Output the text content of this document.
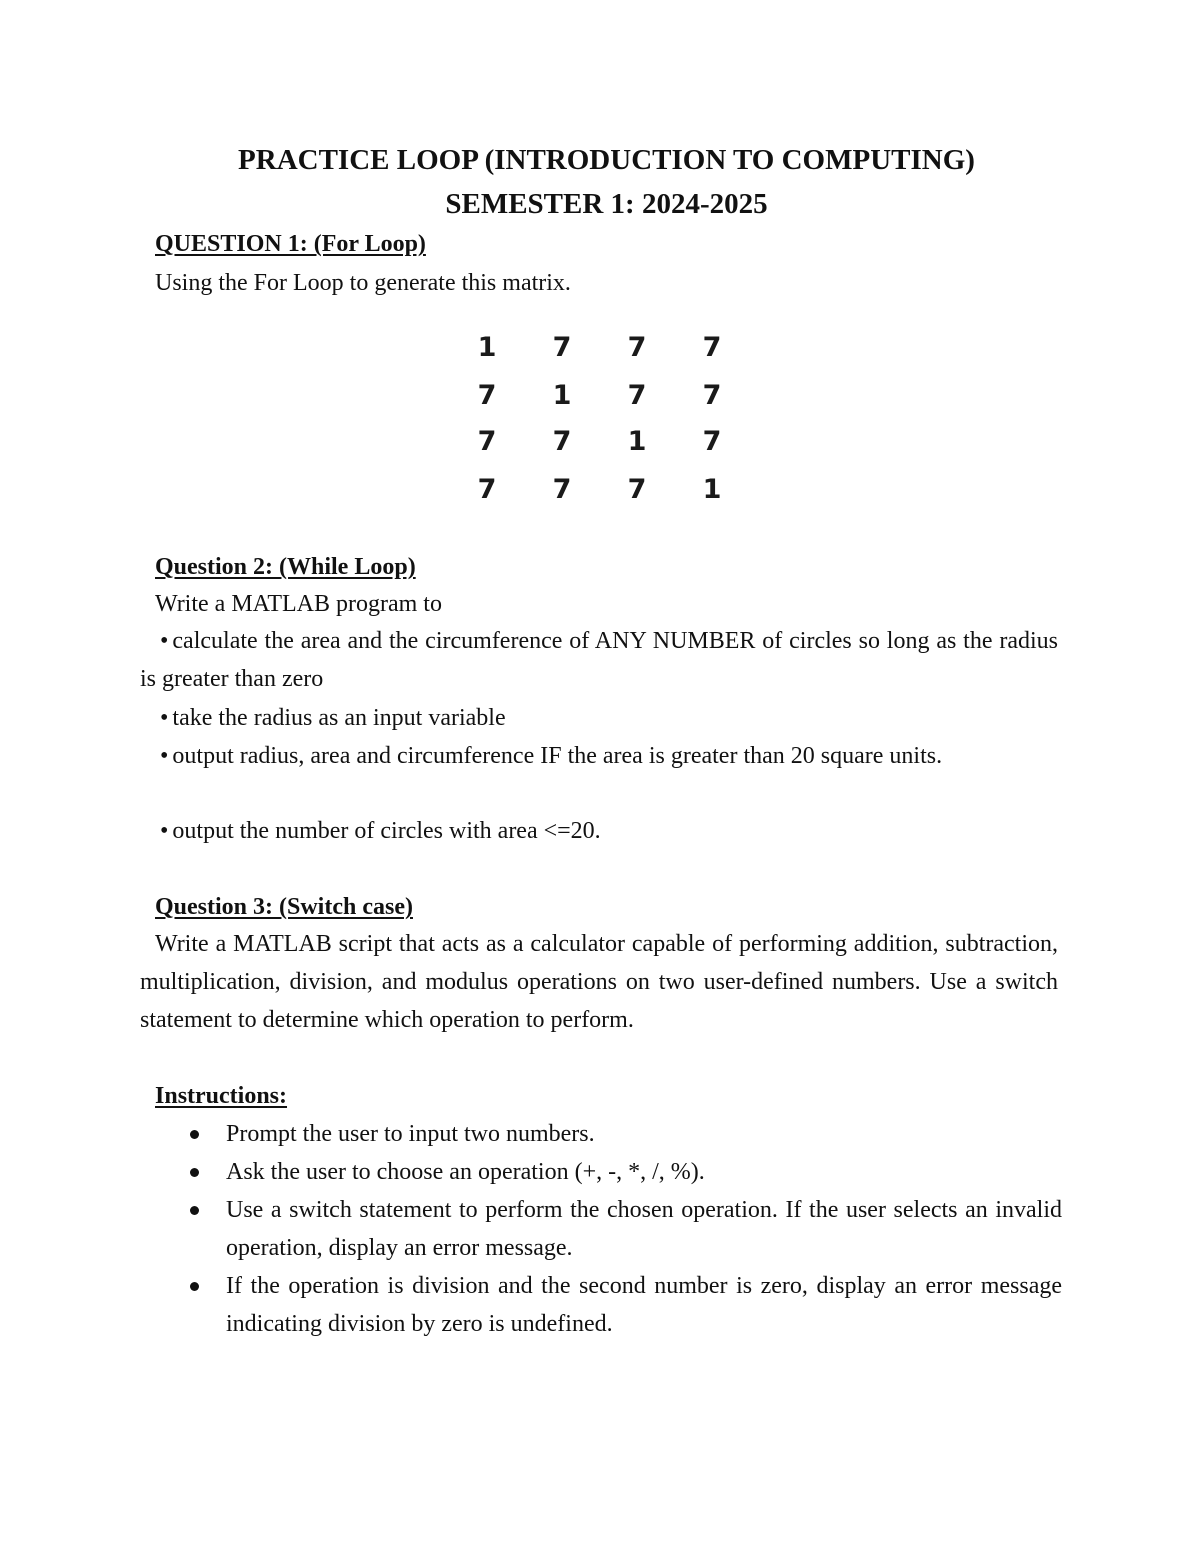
PRACTICE LOOP (INTRODUCTION TO COMPUTING)
SEMESTER 1: 2024-2025

QUESTION 1: (For Loop)

Using the For Loop to generate this matrix.

1	7	7	7
7	1	7	7
7	7	1	7
7	7	7	1

Question 2: (While Loop)

Write a MATLAB program to

• calculate the area and the circumference of ANY NUMBER of circles so long as the radius is greater than zero

• take the radius as an input variable

• output radius, area and circumference IF the area is greater than 20 square units.

• output the number of circles with area <=20.

Question 3: (Switch case)

Write a MATLAB script that acts as a calculator capable of performing addition, subtraction, multiplication, division, and modulus operations on two user-defined numbers. Use a switch statement to determine which operation to perform.

Instructions:

Prompt the user to input two numbers.
Ask the user to choose an operation (+, -, *, /, %).
Use a switch statement to perform the chosen operation. If the user selects an invalid operation, display an error message.
If the operation is division and the second number is zero, display an error message indicating division by zero is undefined.
